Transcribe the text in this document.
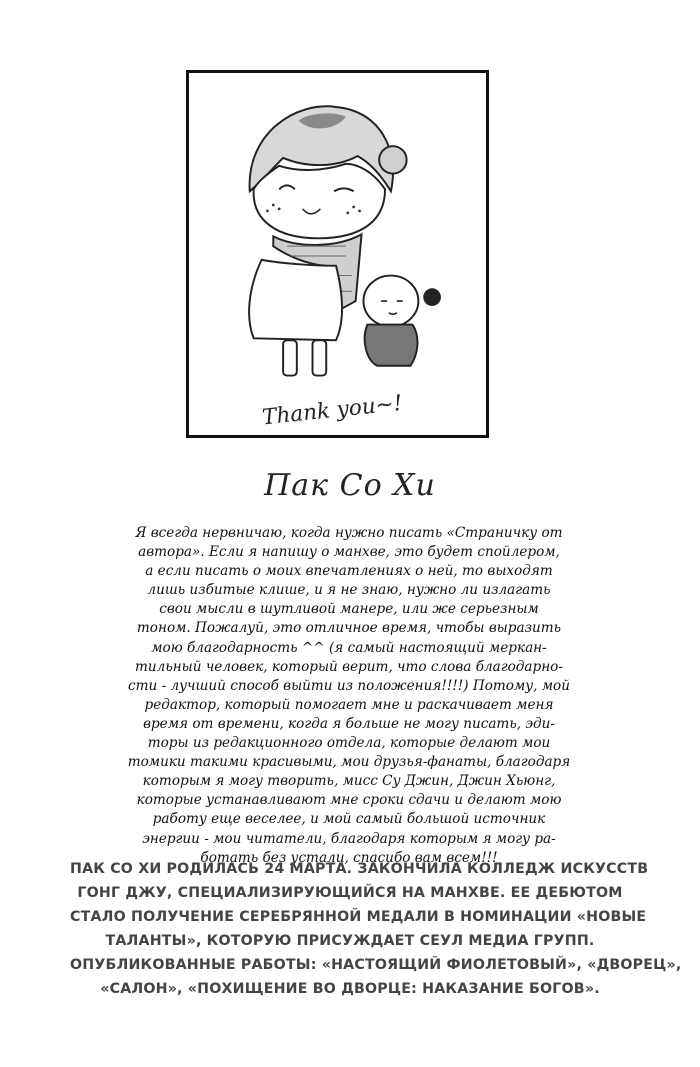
Thank you~!
Пак Со Хи
Я всегда нервничаю, когда нужно писать «Страничку от
автора». Если я напишу о манхве, это будет спойлером,
а если писать о моих впечатлениях о ней, то выходят
лишь избитые клише, и я не знаю, нужно ли излагать
свои мысли в шутливой манере, или же серьезным
тоном. Пожалуй, это отличное время, чтобы выразить
мою благодарность ^^ (я самый настоящий меркан-
тильный человек, который верит, что слова благодарно-
сти - лучший способ выйти из положения!!!!) Потому, мой
редактор, который помогает мне и раскачивает меня
время от времени, когда я больше не могу писать, эди-
торы из редакционного отдела, которые делают мои
томики такими красивыми, мои друзья-фанаты, благодаря
которым я могу творить, мисс Су Джин, Джин Хьюнг,
которые устанавливают мне сроки сдачи и делают мою
работу еще веселее, и мой самый большой источник
энергии - мои читатели, благодаря которым я могу ра-
ботать без устали, спасибо вам всем!!!
ПАК СО ХИ РОДИЛАСЬ 24 МАРТА. ЗАКОНЧИЛА КОЛЛЕДЖ ИСКУССТВ
ГОНГ ДЖУ, СПЕЦИАЛИЗИРУЮЩИЙСЯ НА МАНХВЕ. ЕЕ ДЕБЮТОМ
СТАЛО ПОЛУЧЕНИЕ СЕРЕБРЯННОЙ МЕДАЛИ В НОМИНАЦИИ «НОВЫЕ
ТАЛАНТЫ», КОТОРУЮ ПРИСУЖДАЕТ СЕУЛ МЕДИА ГРУПП.
ОПУБЛИКОВАННЫЕ РАБОТЫ: «НАСТОЯЩИЙ ФИОЛЕТОВЫЙ», «ДВОРЕЦ»,
«САЛОН», «ПОХИЩЕНИЕ ВО ДВОРЦЕ: НАКАЗАНИЕ БОГОВ».
